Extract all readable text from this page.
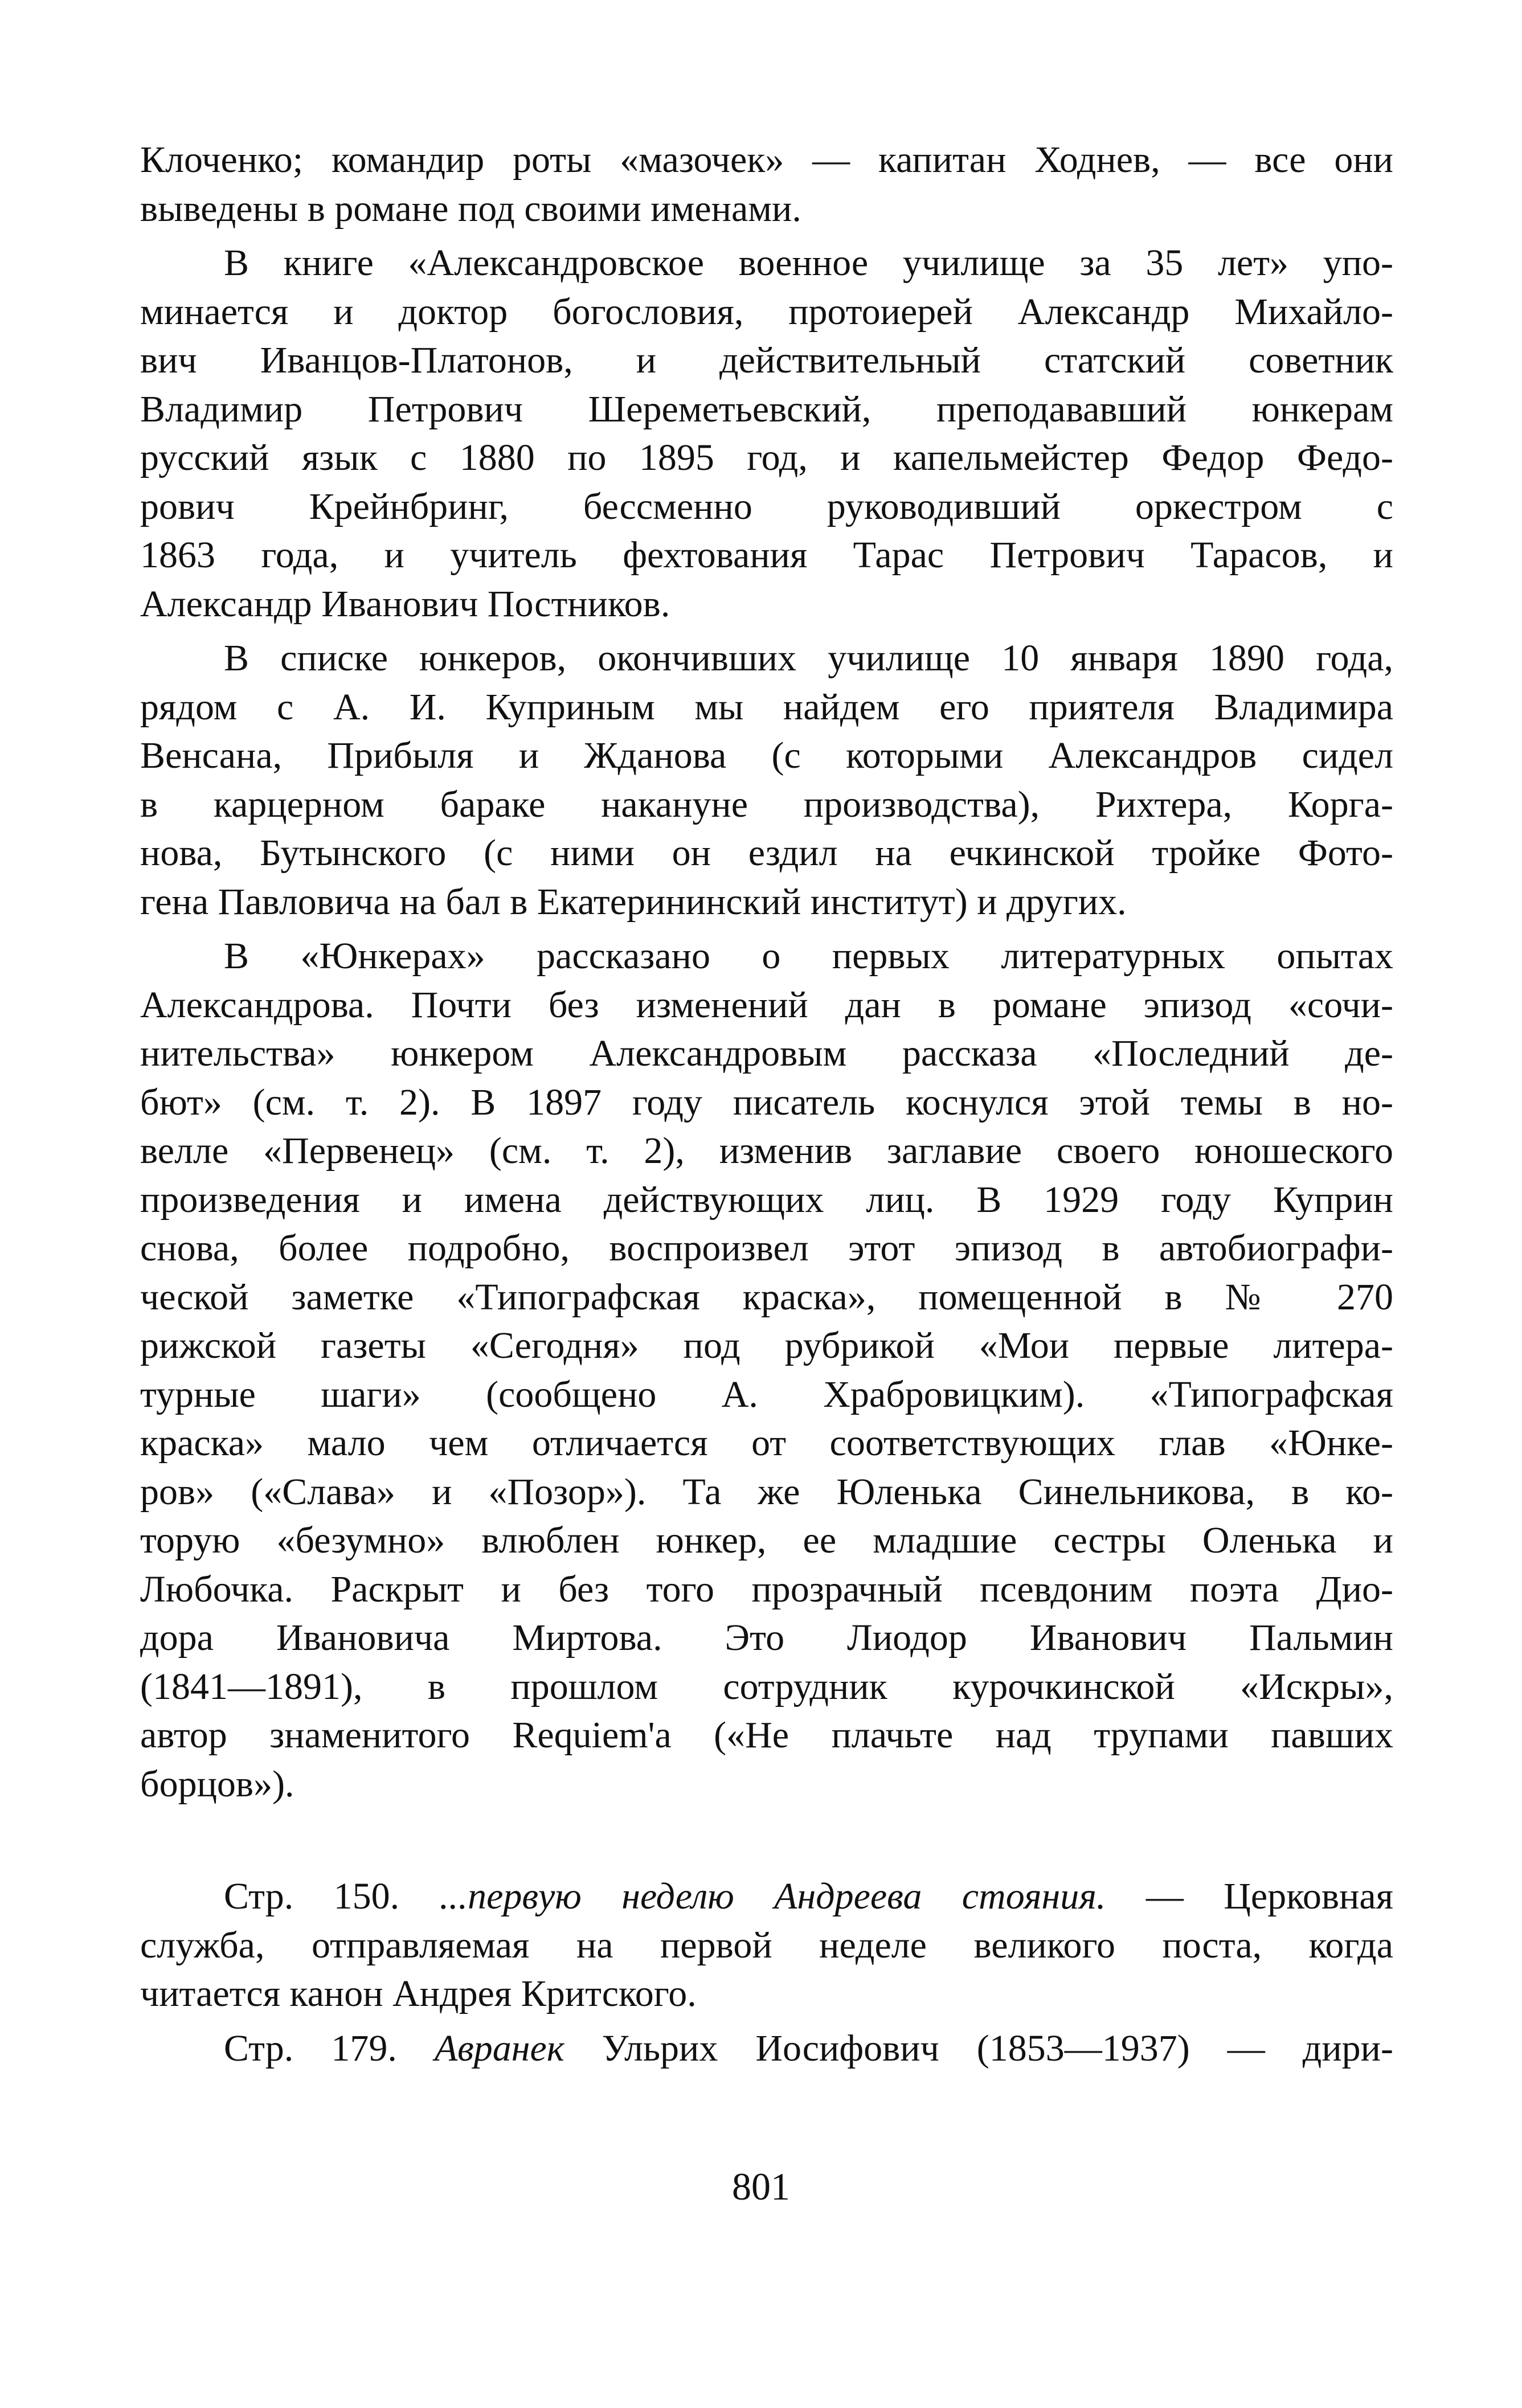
Клоченко; командир роты «мазочек» — капитан Ходнев, — все они
выведены в романе под своими именами.
В книге «Александровское военное училище за 35 лет» упо-
минается и доктор богословия, протоиерей Александр Михайло-
вич Иванцов-Платонов, и действительный статский советник
Владимир Петрович Шереметьевский, преподававший юнкерам
русский язык с 1880 по 1895 год, и капельмейстер Федор Федо-
рович Крейнбринг, бессменно руководивший оркестром с
1863 года, и учитель фехтования Тарас Петрович Тарасов, и
Александр Иванович Постников.
В списке юнкеров, окончивших училище 10 января 1890 года,
рядом с А. И. Куприным мы найдем его приятеля Владимира
Венсана, Прибыля и Жданова (с которыми Александров сидел
в карцерном бараке накануне производства), Рихтера, Корга-
нова, Бутынского (с ними он ездил на ечкинской тройке Фото-
гена Павловича на бал в Екатерининский институт) и других.
В «Юнкерах» рассказано о первых литературных опытах
Александрова. Почти без изменений дан в романе эпизод «сочи-
нительства» юнкером Александровым рассказа «Последний де-
бют» (см. т. 2). В 1897 году писатель коснулся этой темы в но-
велле «Первенец» (см. т. 2), изменив заглавие своего юношеского
произведения и имена действующих лиц. В 1929 году Куприн
снова, более подробно, воспроизвел этот эпизод в автобиографи-
ческой заметке «Типографская краска», помещенной в № 270
рижской газеты «Сегодня» под рубрикой «Мои первые литера-
турные шаги» (сообщено А. Храбровицким). «Типографская
краска» мало чем отличается от соответствующих глав «Юнке-
ров» («Слава» и «Позор»). Та же Юленька Синельникова, в ко-
торую «безумно» влюблен юнкер, ее младшие сестры Оленька и
Любочка. Раскрыт и без того прозрачный псевдоним поэта Дио-
дора Ивановича Миртова. Это Лиодор Иванович Пальмин
(1841—1891), в прошлом сотрудник курочкинской «Искры»,
автор знаменитого Requiem'а («Не плачьте над трупами павших
борцов»).
Стр. 150. ...первую неделю Андреева стояния. — Церковная
служба, отправляемая на первой неделе великого поста, когда
читается канон Андрея Критского.
Стр. 179. Авранек Ульрих Иосифович (1853—1937) — дири-
801
